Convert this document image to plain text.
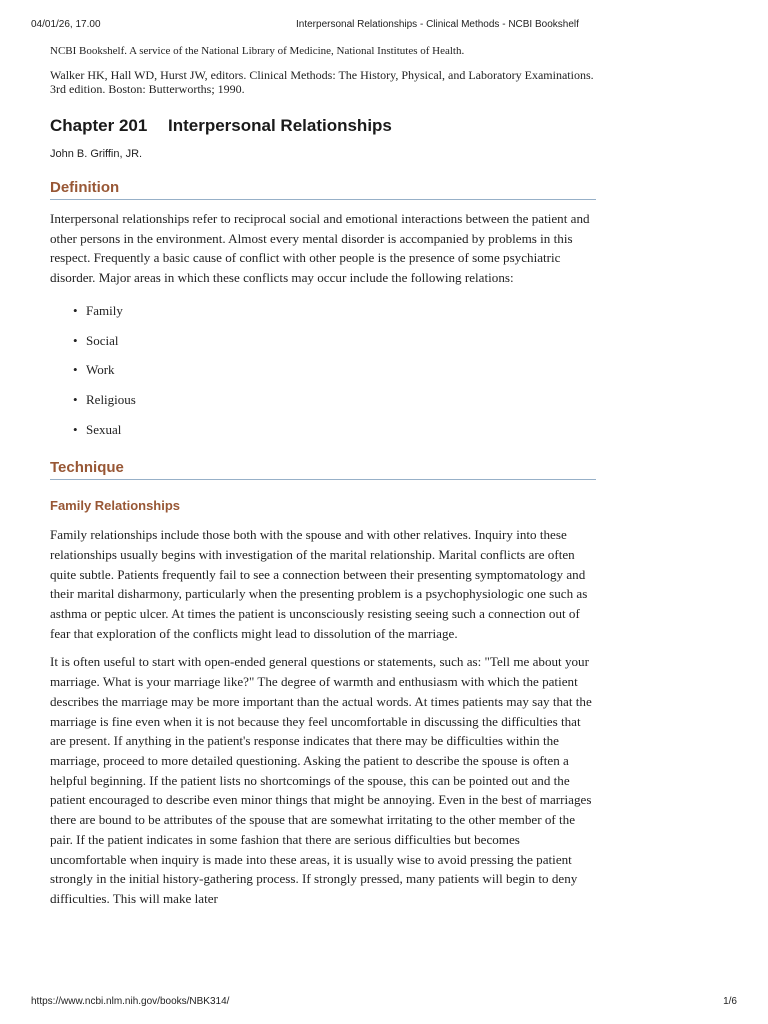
04/01/26, 17.00	Interpersonal Relationships - Clinical Methods - NCBI Bookshelf

NCBI Bookshelf. A service of the National Library of Medicine, National Institutes of Health.

Walker HK, Hall WD, Hurst JW, editors. Clinical Methods: The History, Physical, and Laboratory Examinations. 3rd edition. Boston: Butterworths; 1990.

Chapter 201 Interpersonal Relationships

John B. Griffin, JR.

Definition

Interpersonal relationships refer to reciprocal social and emotional interactions between the patient and other persons in the environment. Almost every mental disorder is accompanied by problems in this respect. Frequently a basic cause of conflict with other people is the presence of some psychiatric disorder. Major areas in which these conflicts may occur include the following relations:

• Family
• Social
• Work
• Religious
• Sexual
Technique
Family Relationships

Family relationships include those both with the spouse and with other relatives. Inquiry into these relationships usually begins with investigation of the marital relationship. Marital conflicts are often quite subtle. Patients frequently fail to see a connection between their presenting symptomatology and their marital disharmony, particularly when the presenting problem is a psychophysiologic one such as asthma or peptic ulcer. At times the patient is unconsciously resisting seeing such a connection out of fear that exploration of the conflicts might lead to dissolution of the marriage.

It is often useful to start with open-ended general questions or statements, such as: "Tell me about your marriage. What is your marriage like?" The degree of warmth and enthusiasm with which the patient describes the marriage may be more important than the actual words. At times patients may say that the marriage is fine even when it is not because they feel uncomfortable in discussing the difficulties that are present. If anything in the patient's response indicates that there may be difficulties within the marriage, proceed to more detailed questioning. Asking the patient to describe the spouse is often a helpful beginning. If the patient lists no shortcomings of the spouse, this can be pointed out and the patient encouraged to describe even minor things that might be annoying. Even in the best of marriages there are bound to be attributes of the spouse that are somewhat irritating to the other member of the pair. If the patient indicates in some fashion that there are serious difficulties but becomes uncomfortable when inquiry is made into these areas, it is usually wise to avoid pressing the patient strongly in the initial history-gathering process. If strongly pressed, many patients will begin to deny difficulties. This will make later

https://www.ncbi.nlm.nih.gov/books/NBK314/	1/6
